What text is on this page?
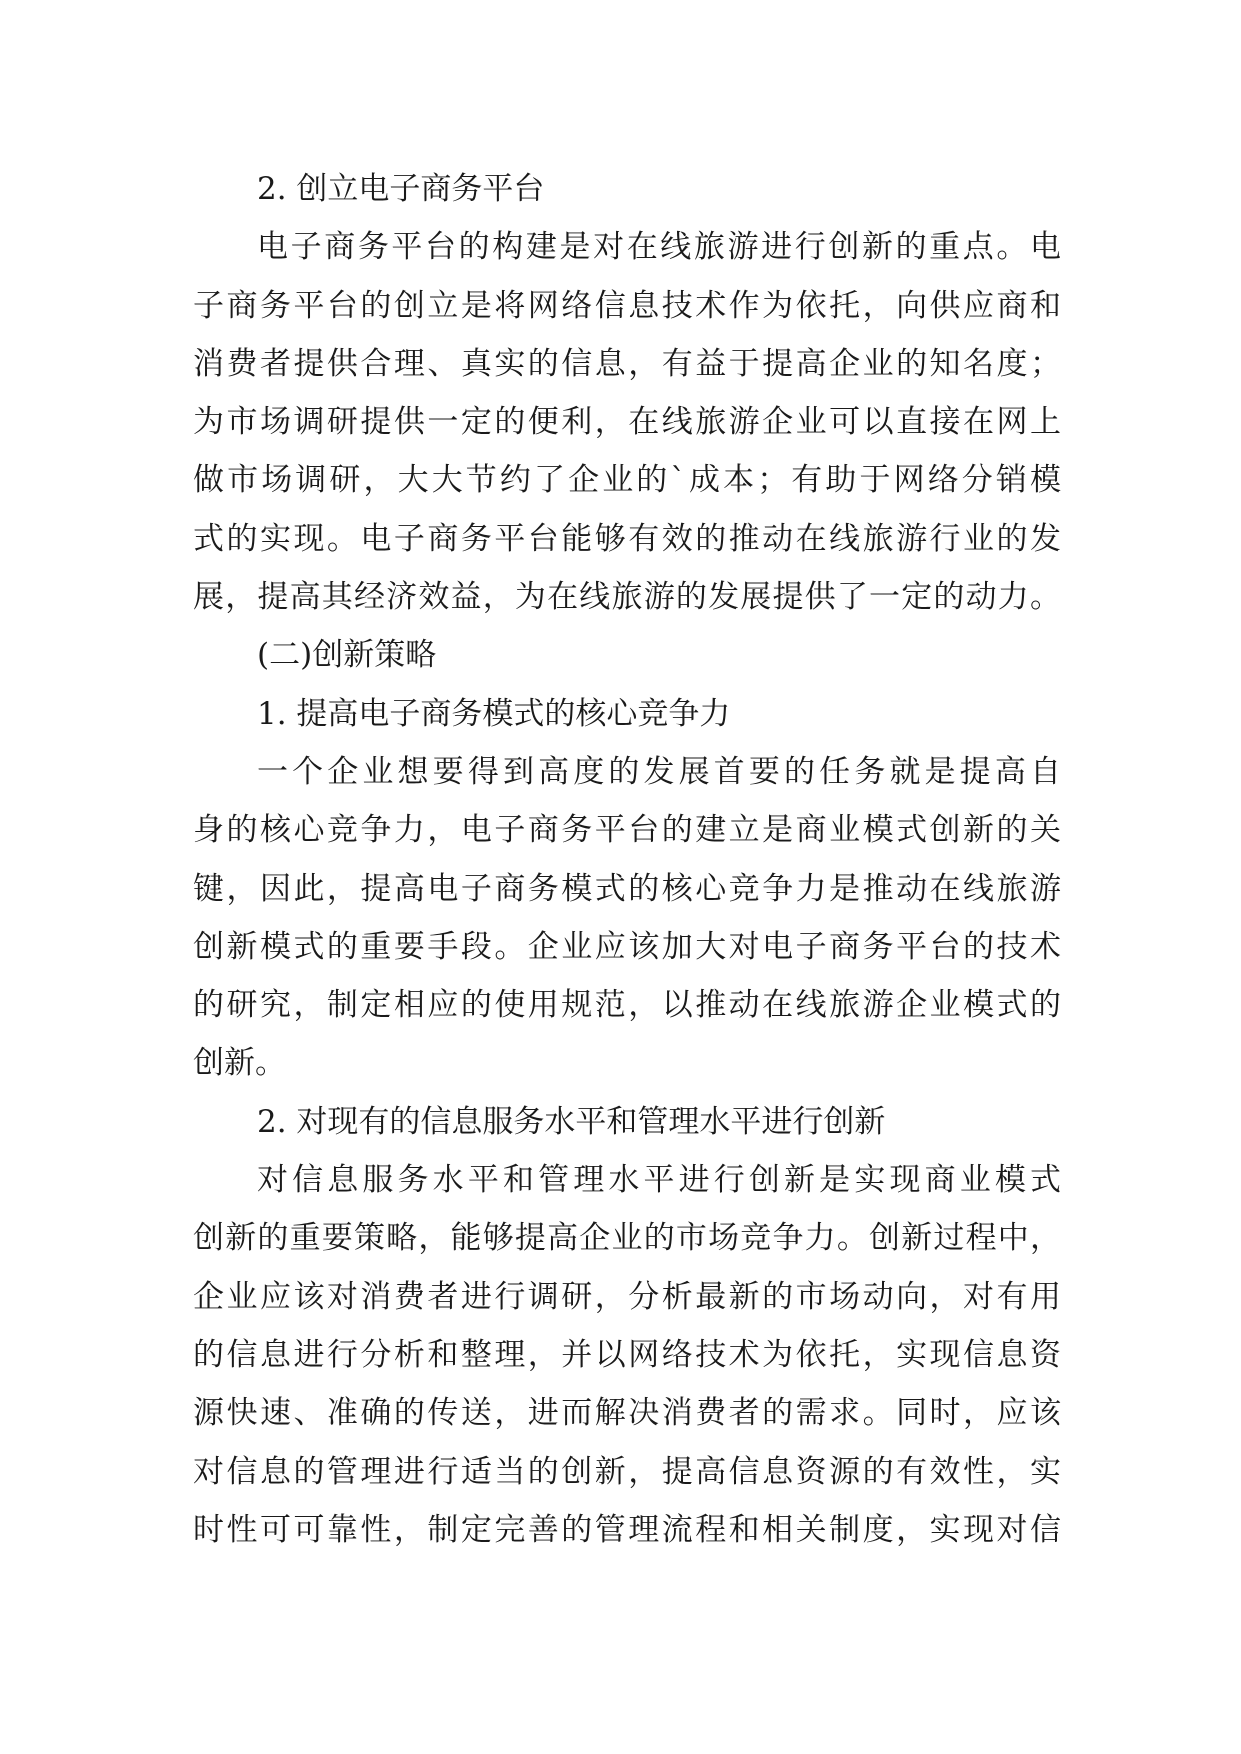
2. 创立电子商务平台
电子商务平台的构建是对在线旅游进行创新的重点。电
子商务平台的创立是将网络信息技术作为依托，向供应商和
消费者提供合理、真实的信息，有益于提高企业的知名度；
为市场调研提供一定的便利，在线旅游企业可以直接在网上
做市场调研，大大节约了企业的`成本；有助于网络分销模
式的实现。电子商务平台能够有效的推动在线旅游行业的发
展，提高其经济效益，为在线旅游的发展提供了一定的动力。
(二)创新策略
1. 提高电子商务模式的核心竞争力
一个企业想要得到高度的发展首要的任务就是提高自
身的核心竞争力，电子商务平台的建立是商业模式创新的关
键，因此，提高电子商务模式的核心竞争力是推动在线旅游
创新模式的重要手段。企业应该加大对电子商务平台的技术
的研究，制定相应的使用规范，以推动在线旅游企业模式的
创新。
2. 对现有的信息服务水平和管理水平进行创新
对信息服务水平和管理水平进行创新是实现商业模式
创新的重要策略，能够提高企业的市场竞争力。创新过程中，
企业应该对消费者进行调研，分析最新的市场动向，对有用
的信息进行分析和整理，并以网络技术为依托，实现信息资
源快速、准确的传送，进而解决消费者的需求。同时，应该
对信息的管理进行适当的创新，提高信息资源的有效性，实
时性可可靠性，制定完善的管理流程和相关制度，实现对信
